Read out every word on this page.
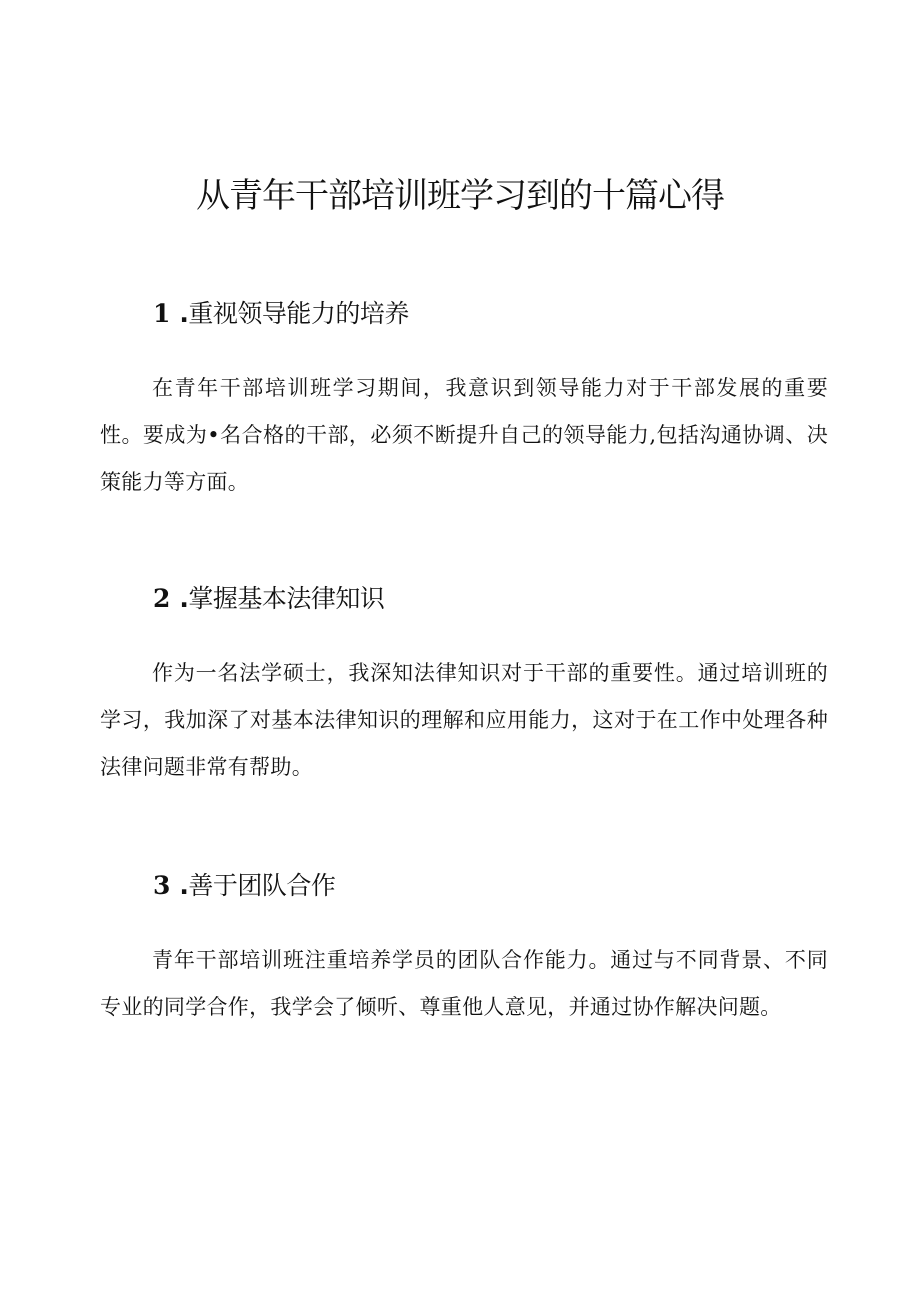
从青年干部培训班学习到的十篇心得
1 .重视领导能力的培养

在青年干部培训班学习期间，我意识到领导能力对于干部发展的重要性。要成为•名合格的干部，必须不断提升自己的领导能力,包括沟通协调、决策能力等方面。

2 .掌握基本法律知识

作为一名法学硕士，我深知法律知识对于干部的重要性。通过培训班的学习，我加深了对基本法律知识的理解和应用能力，这对于在工作中处理各种法律问题非常有帮助。

3 .善于团队合作

青年干部培训班注重培养学员的团队合作能力。通过与不同背景、不同专业的同学合作，我学会了倾听、尊重他人意见，并通过协作解决问题。
